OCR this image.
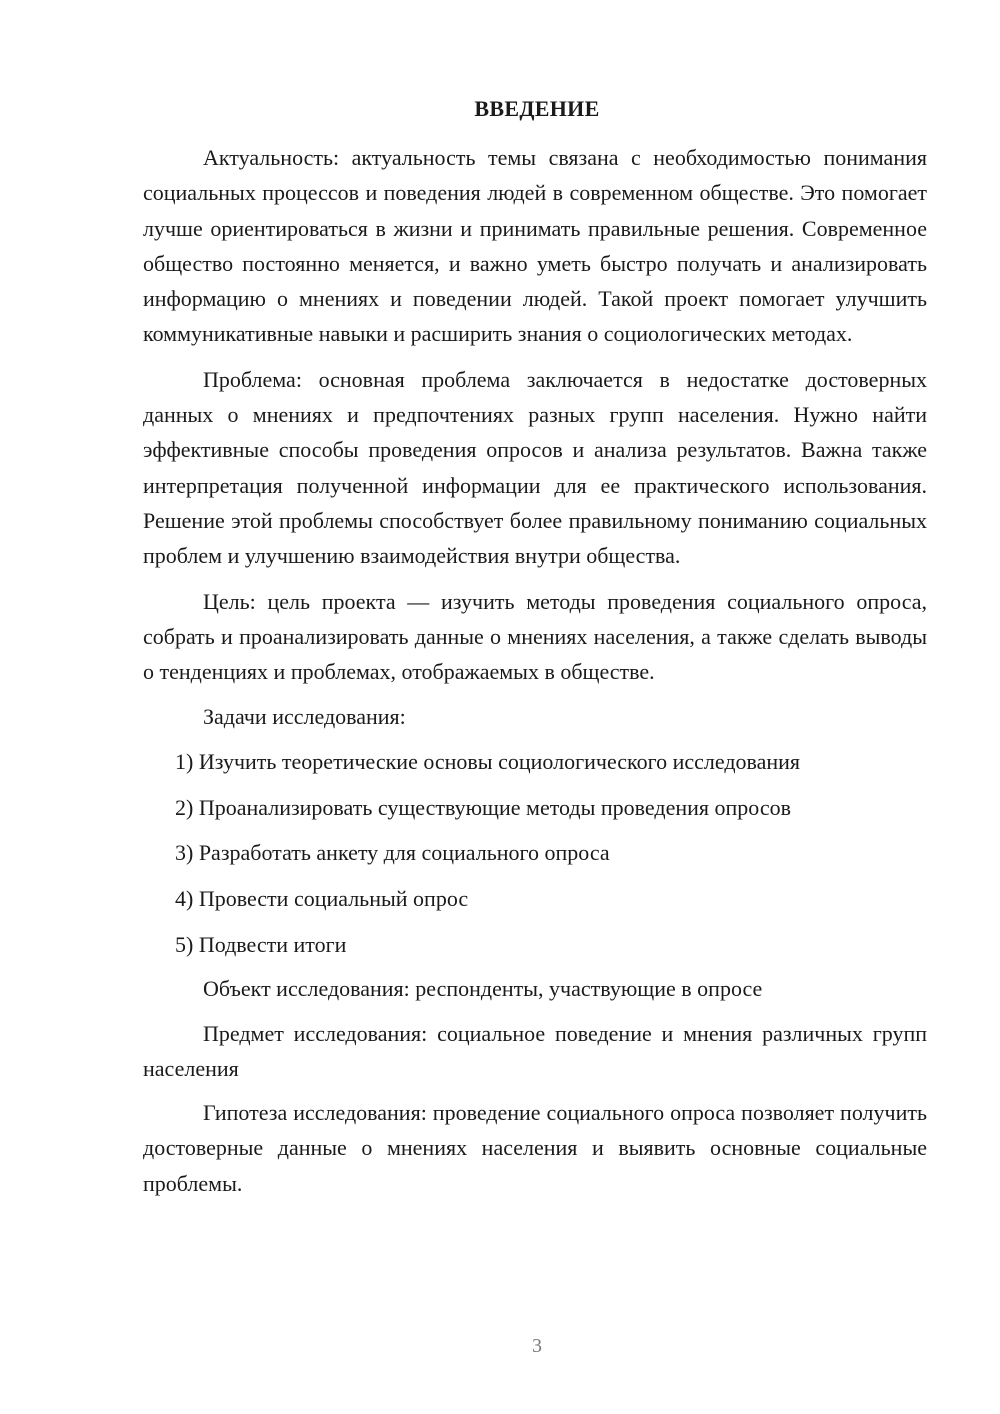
ВВЕДЕНИЕ

Актуальность: актуальность темы связана с необходимостью понимания социальных процессов и поведения людей в современном обществе. Это помогает лучше ориентироваться в жизни и принимать правильные решения. Современное общество постоянно меняется, и важно уметь быстро получать и анализировать информацию о мнениях и поведении людей. Такой проект помогает улучшить коммуникативные навыки и расширить знания о социологических методах.

Проблема: основная проблема заключается в недостатке достоверных данных о мнениях и предпочтениях разных групп населения. Нужно найти эффективные способы проведения опросов и анализа результатов. Важна также интерпретация полученной информации для ее практического использования. Решение этой проблемы способствует более правильному пониманию социальных проблем и улучшению взаимодействия внутри общества.

Цель: цель проекта — изучить методы проведения социального опроса, собрать и проанализировать данные о мнениях населения, а также сделать выводы о тенденциях и проблемах, отображаемых в обществе.

Задачи исследования:

1) Изучить теоретические основы социологического исследования
2) Проанализировать существующие методы проведения опросов
3) Разработать анкету для социального опроса
4) Провести социальный опрос
5) Подвести итоги

Объект исследования: респонденты, участвующие в опросе

Предмет исследования: социальное поведение и мнения различных групп населения

Гипотеза исследования: проведение социального опроса позволяет получить достоверные данные о мнениях населения и выявить основные социальные проблемы.

3
